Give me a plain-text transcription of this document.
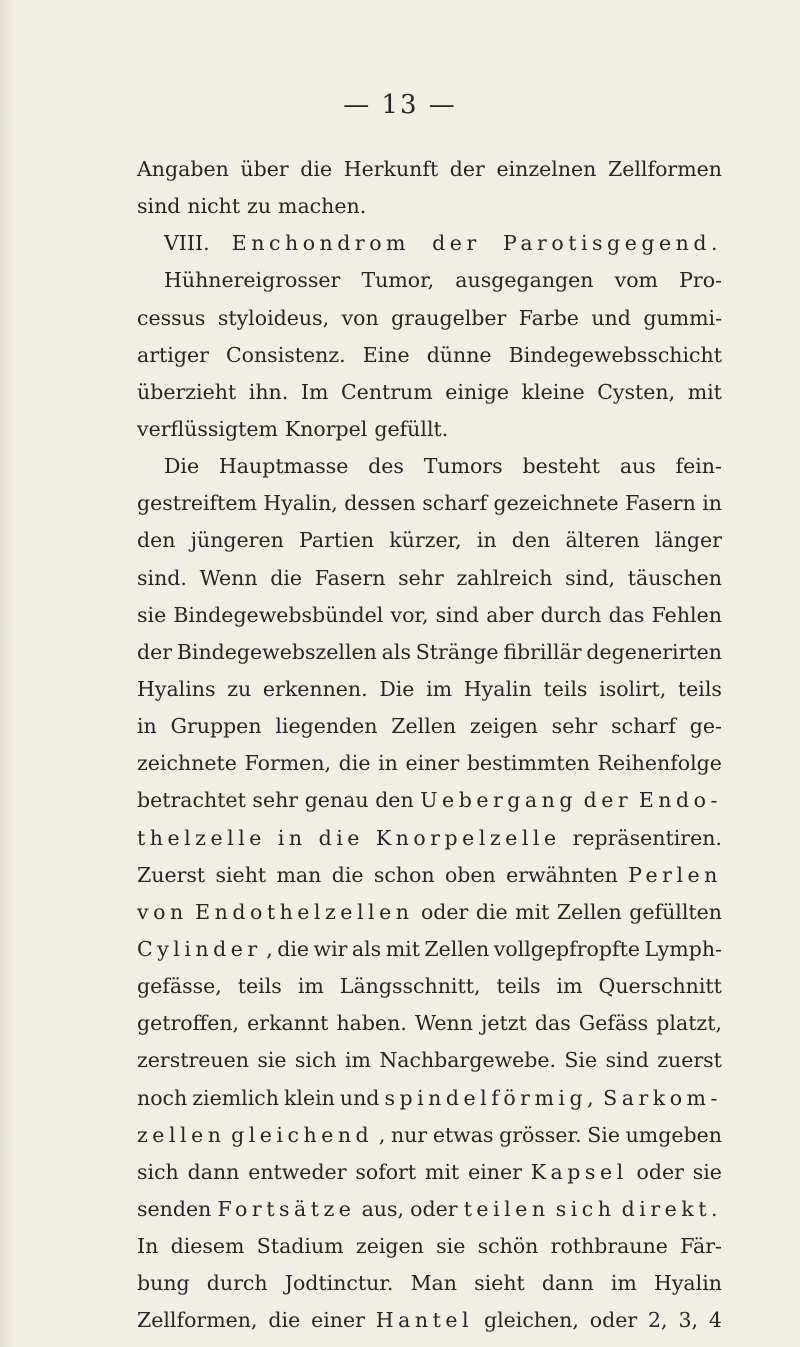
— 13 —

Angaben über die Herkunft der einzelnen Zellformen
sind nicht zu machen.
VIII. Enchondrom der Parotisgegend.
Hühnereigrosser Tumor, ausgegangen vom Pro-
cessus styloideus, von graugelber Farbe und gummi-
artiger Consistenz. Eine dünne Bindegewebsschicht
überzieht ihn. Im Centrum einige kleine Cysten, mit
verflüssigtem Knorpel gefüllt.
Die Hauptmasse des Tumors besteht aus fein-
gestreiftem Hyalin, dessen scharf gezeichnete Fasern in
den jüngeren Partien kürzer, in den älteren länger
sind. Wenn die Fasern sehr zahlreich sind, täuschen
sie Bindegewebsbündel vor, sind aber durch das Fehlen
der Bindegewebszellen als Stränge fibrillär degenerirten
Hyalins zu erkennen. Die im Hyalin teils isolirt, teils
in Gruppen liegenden Zellen zeigen sehr scharf ge-
zeichnete Formen, die in einer bestimmten Reihenfolge
betrachtet sehr genau den Uebergang der Endo-
thelzelle in die Knorpelzelle repräsentiren.
Zuerst sieht man die schon oben erwähnten Perlen
von Endothelzellen oder die mit Zellen gefüllten
Cylinder , die wir als mit Zellen vollgepfropfte Lymph-
gefässe, teils im Längsschnitt, teils im Querschnitt
getroffen, erkannt haben. Wenn jetzt das Gefäss platzt,
zerstreuen sie sich im Nachbargewebe. Sie sind zuerst
noch ziemlich klein und spindelförmig, Sarkom-
zellen gleichend , nur etwas grösser. Sie umgeben
sich dann entweder sofort mit einer Kapsel oder sie
senden Fortsätze aus, oder teilen sich direkt.
In diesem Stadium zeigen sie schön rothbraune Fär-
bung durch Jodtinctur. Man sieht dann im Hyalin
Zellformen, die einer Hantel gleichen, oder 2, 3, 4
